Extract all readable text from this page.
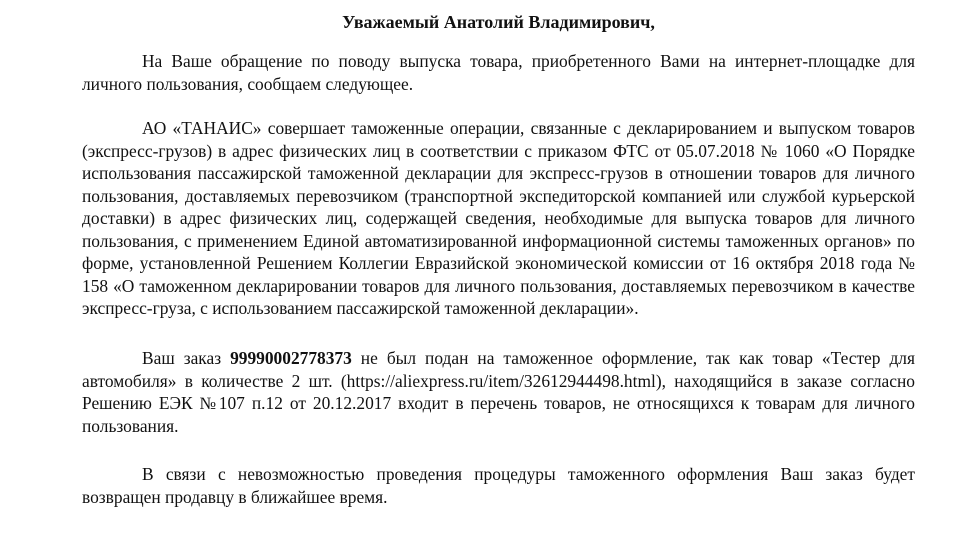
Уважаемый Анатолий Владимирович,

На Ваше обращение по поводу выпуска товара, приобретенного Вами на интернет-площадке для личного пользования, сообщаем следующее.

АО «ТАНАИС» совершает таможенные операции, связанные с декларированием и выпуском товаров (экспресс-грузов) в адрес физических лиц в соответствии с приказом ФТС от 05.07.2018 № 1060 «О Порядке использования пассажирской таможенной декларации для экспресс-грузов в отношении товаров для личного пользования, доставляемых перевозчиком (транспортной экспедиторской компанией или службой курьерской доставки) в адрес физических лиц, содержащей сведения, необходимые для выпуска товаров для личного пользования, с применением Единой автоматизированной информационной системы таможенных органов» по форме, установленной Решением Коллегии Евразийской экономической комиссии от 16 октября 2018 года № 158 «О таможенном декларировании товаров для личного пользования, доставляемых перевозчиком в качестве экспресс-груза, с использованием пассажирской таможенной декларации».

Ваш заказ 99990002778373 не был подан на таможенное оформление, так как товар «Тестер для автомобиля» в количестве 2 шт. (https://aliexpress.ru/item/32612944498.html), находящийся в заказе согласно Решению ЕЭК №107 п.12 от 20.12.2017 входит в перечень товаров, не относящихся к товарам для личного пользования.

В связи с невозможностью проведения процедуры таможенного оформления Ваш заказ будет возвращен продавцу в ближайшее время.
